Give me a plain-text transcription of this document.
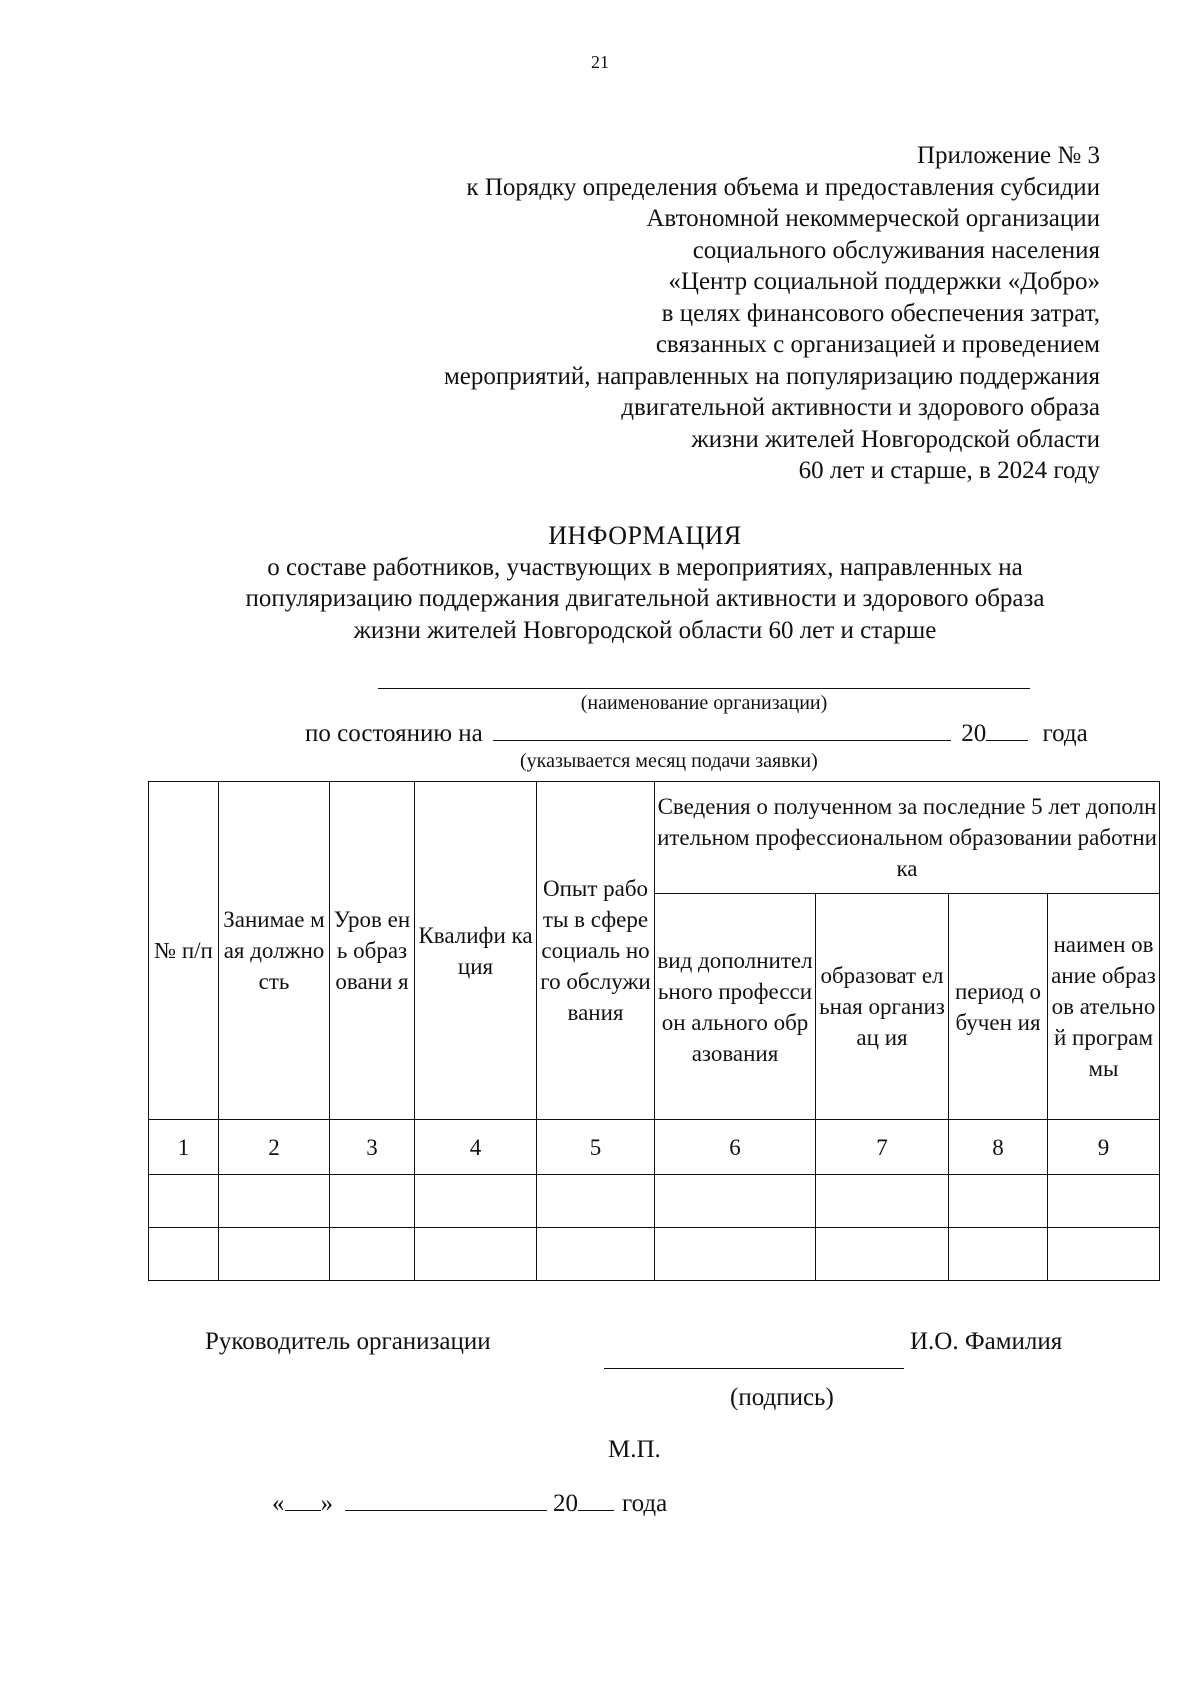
21
Приложение № 3
к Порядку определения объема и предоставления субсидии
Автономной некоммерческой организации
социального обслуживания населения
«Центр социальной поддержки «Добро»
в целях финансового обеспечения затрат,
связанных с организацией и проведением
мероприятий, направленных на популяризацию поддержания
двигательной активности и здорового образа
жизни жителей Новгородской области
60 лет и старше, в 2024 году
ИНФОРМАЦИЯ
о составе работников, участвующих в мероприятиях, направленных на
популяризацию поддержания двигательной активности и здорового образа
жизни жителей Новгородской области 60 лет и старше
(наименование организации)
по состоянию на	20 года
(указывается месяц подачи заявки)
№ п/п	Занимае мая должно сть	Уров ень образ овани я	Квалифи кация	Опыт работы в сфере социаль ного обслужи вания	Сведения о полученном за последние 5 лет дополнительном профессиональном образовании работника			
					вид дополнител ьного профессион ального образования	образоват ельная организац ия	период обучен ия	наимен ование образов ательно й програм мы
1	2	3	4	5	6	7	8	9

Руководитель организации	И.О. Фамилия
(подпись)
М.П.
« »	20 года
